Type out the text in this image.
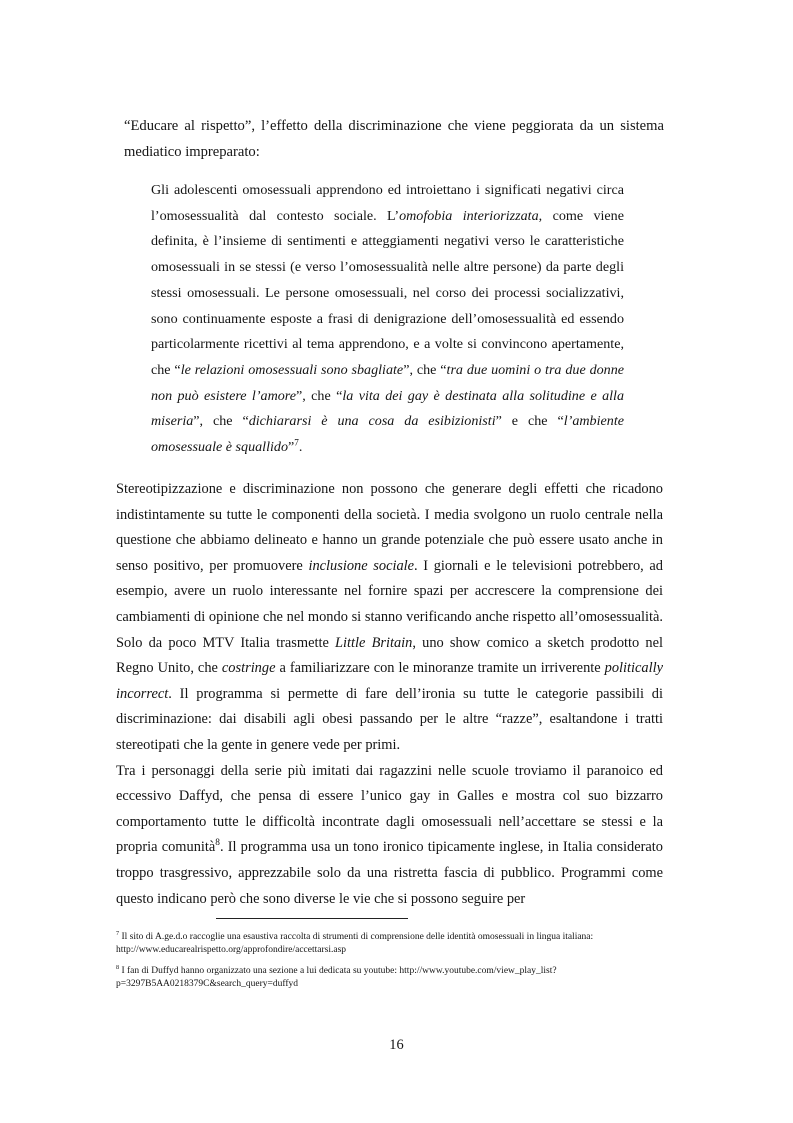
“Educare al rispetto”, l’effetto della discriminazione che viene peggiorata da un sistema mediatico impreparato:

Gli adolescenti omosessuali apprendono ed introiettano i significati negativi circa l’omosessualità dal contesto sociale. L’omofobia interiorizzata, come viene definita, è l’insieme di sentimenti e atteggiamenti negativi verso le caratteristiche omosessuali in se stessi (e verso l’omosessualità nelle altre persone) da parte degli stessi omosessuali. Le persone omosessuali, nel corso dei processi socializzativi, sono continuamente esposte a frasi di denigrazione dell’omosessualità ed essendo particolarmente ricettivi al tema apprendono, e a volte si convincono apertamente, che “le relazioni omosessuali sono sbagliate”, che “tra due uomini o tra due donne non può esistere l’amore”, che “la vita dei gay è destinata alla solitudine e alla miseria”, che “dichiararsi è una cosa da esibizionisti” e che “l’ambiente omosessuale è squallido”$^7$.

Stereotipizzazione e discriminazione non possono che generare degli effetti che ricadono indistintamente su tutte le componenti della società. I media svolgono un ruolo centrale nella questione che abbiamo delineato e hanno un grande potenziale che può essere usato anche in senso positivo, per promuovere inclusione sociale. I giornali e le televisioni potrebbero, ad esempio, avere un ruolo interessante nel fornire spazi per accrescere la comprensione dei cambiamenti di opinione che nel mondo si stanno verificando anche rispetto all’omosessualità. Solo da poco MTV Italia trasmette Little Britain, uno show comico a sketch prodotto nel Regno Unito, che costringe a familiarizzare con le minoranze tramite un irriverente politically incorrect. Il programma si permette di fare dell’ironia su tutte le categorie passibili di discriminazione: dai disabili agli obesi passando per le altre “razze”, esaltandone i tratti stereotipati che la gente in genere vede per primi.

Tra i personaggi della serie più imitati dai ragazzini nelle scuole troviamo il paranoico ed eccessivo Daffyd, che pensa di essere l’unico gay in Galles e mostra col suo bizzarro comportamento tutte le difficoltà incontrate dagli omosessuali nell’accettare se stessi e la propria comunità$^8$. Il programma usa un tono ironico tipicamente inglese, in Italia considerato troppo trasgressivo, apprezzabile solo da una ristretta fascia di pubblico. Programmi come questo indicano però che sono diverse le vie che si possono seguire per

$^7$ Il sito di A.ge.d.o raccoglie una esaustiva raccolta di strumenti di comprensione delle identità omosessuali in lingua italiana: http://www.educarealrispetto.org/approfondire/accettarsi.asp

$^8$ I fan di Duffyd hanno organizzato una sezione a lui dedicata su youtube: http://www.youtube.com/view_play_list?p=3297B5AA0218379C&search_query=duffyd

16
